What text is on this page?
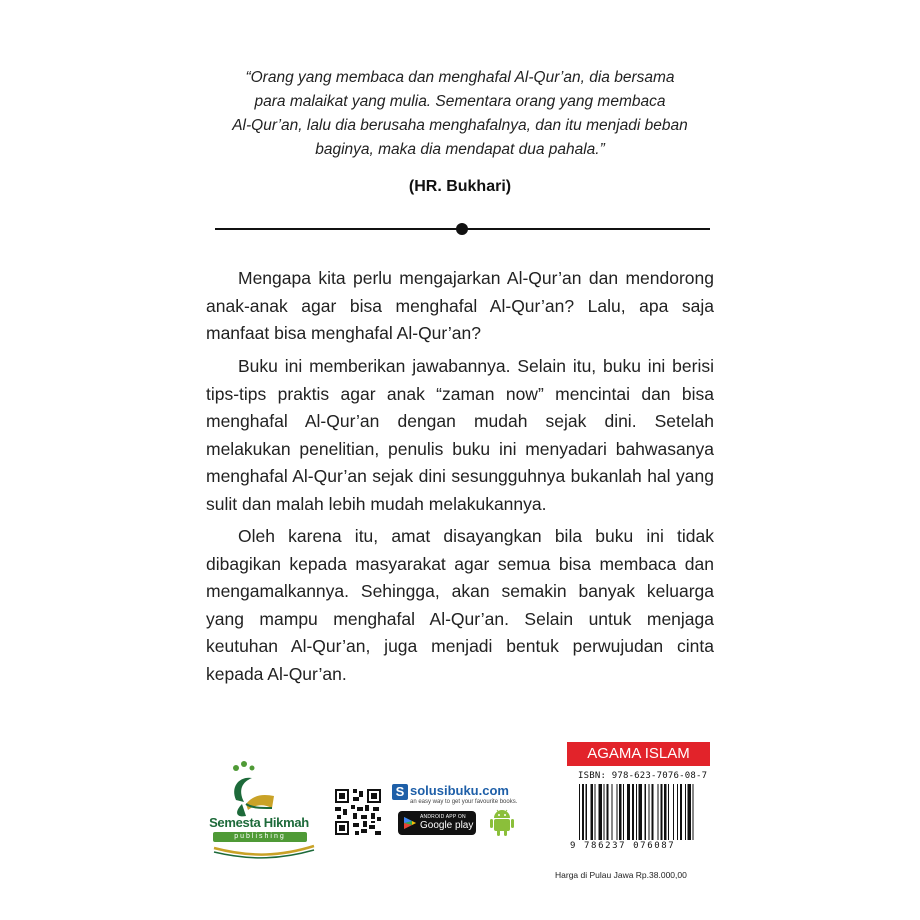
“Orang yang membaca dan menghafal Al-Qur’an, dia bersama
para malaikat yang mulia. Sementara orang yang membaca
Al-Qur’an, lalu dia berusaha menghafalnya, dan itu menjadi beban
baginya, maka dia mendapat dua pahala.”
(HR. Bukhari)
Mengapa kita perlu mengajarkan Al-Qur’an dan mendorong anak-anak agar bisa menghafal Al-Qur’an? Lalu, apa saja manfaat bisa menghafal Al-Qur’an?
Buku ini memberikan jawabannya. Selain itu, buku ini berisi tips-tips praktis agar anak “zaman now” mencintai dan bisa menghafal Al-Qur’an dengan mudah sejak dini. Setelah melakukan penelitian, penulis buku ini menyadari bahwasanya menghafal Al-Qur’an sejak dini sesungguhnya bukanlah hal yang sulit dan malah lebih mudah melakukannya.
Oleh karena itu, amat disayangkan bila buku ini tidak dibagikan kepada masyarakat agar semua bisa membaca dan mengamalkannya. Sehingga, akan semakin banyak keluarga yang mampu menghafal Al-Qur’an. Selain untuk menjaga keutuhan Al-Qur’an, juga menjadi bentuk perwujudan cinta kepada Al-Qur’an.
Semesta Hikmah
publishing
S solusibuku.com
an easy way to get your favourite books.
ANDROID APP ON
Google play
AGAMA ISLAM
ISBN: 978-623-7076-08-7
9 786237 076087
Harga di Pulau Jawa Rp.38.000,00
